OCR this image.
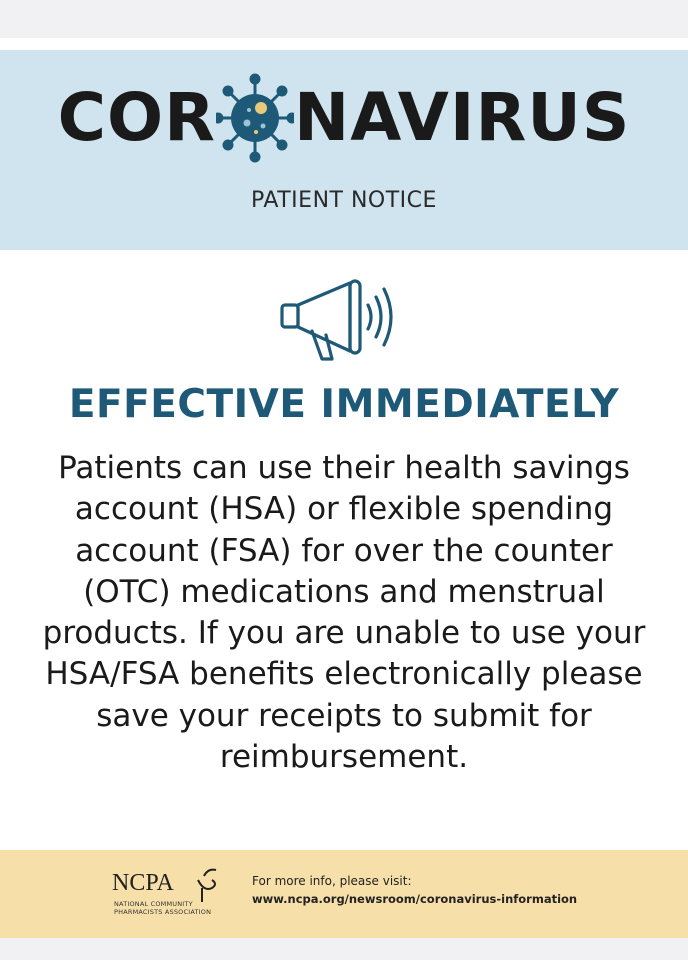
COR NAVIRUS
PATIENT NOTICE
EFFECTIVE IMMEDIATELY
Patients can use their health savings account (HSA) or flexible spending account (FSA) for over the counter (OTC) medications and menstrual products. If you are unable to use your HSA/FSA benefits electronically please save your receipts to submit for reimbursement.
NCPA
NATIONAL COMMUNITY PHARMACISTS ASSOCIATION
For more info, please visit:
www.ncpa.org/newsroom/coronavirus-information
